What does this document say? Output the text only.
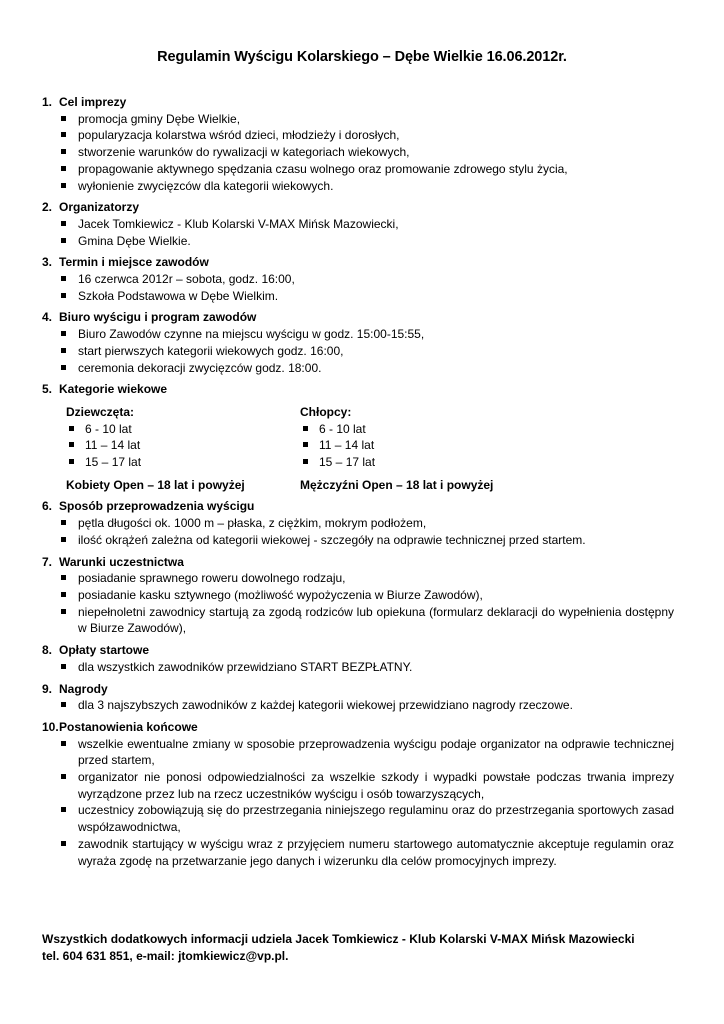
Regulamin Wyścigu Kolarskiego – Dębe Wielkie 16.06.2012r.
1. Cel imprezy
promocja gminy Dębe Wielkie,
popularyzacja kolarstwa wśród dzieci, młodzieży i dorosłych,
stworzenie warunków do rywalizacji w kategoriach wiekowych,
propagowanie aktywnego spędzania czasu wolnego oraz promowanie zdrowego stylu życia,
wyłonienie zwycięzców dla kategorii wiekowych.
2. Organizatorzy
Jacek Tomkiewicz - Klub Kolarski V-MAX Mińsk Mazowiecki,
Gmina Dębe Wielkie.
3. Termin i miejsce zawodów
16 czerwca 2012r – sobota, godz. 16:00,
Szkoła Podstawowa w Dębe Wielkim.
4. Biuro wyścigu i program zawodów
Biuro Zawodów czynne na miejscu wyścigu w godz. 15:00-15:55,
start pierwszych kategorii wiekowych godz. 16:00,
ceremonia dekoracji zwycięzców godz. 18:00.
5. Kategorie wiekowe
Dziewczęta:
6 - 10 lat
11 – 14 lat
15 – 17 lat
Chłopcy:
6 - 10 lat
11 – 14 lat
15 – 17 lat
Kobiety Open – 18 lat i powyżej	Mężczyźni Open – 18 lat i powyżej
6. Sposób przeprowadzenia wyścigu
pętla długości ok. 1000 m – płaska, z ciężkim, mokrym podłożem,
ilość okrążeń zależna od kategorii wiekowej - szczegóły na odprawie technicznej przed startem.
7. Warunki uczestnictwa
posiadanie sprawnego roweru dowolnego rodzaju,
posiadanie kasku sztywnego (możliwość wypożyczenia w Biurze Zawodów),
niepełnoletni zawodnicy startują za zgodą rodziców lub opiekuna (formularz deklaracji do wypełnienia dostępny w Biurze Zawodów),
8. Opłaty startowe
dla wszystkich zawodników przewidziano START BEZPŁATNY.
9. Nagrody
dla 3 najszybszych zawodników z każdej kategorii wiekowej przewidziano nagrody rzeczowe.
10. Postanowienia końcowe
wszelkie ewentualne zmiany w sposobie przeprowadzenia wyścigu podaje organizator na odprawie technicznej przed startem,
organizator nie ponosi odpowiedzialności za wszelkie szkody i wypadki powstałe podczas trwania imprezy wyrządzone przez lub na rzecz uczestników wyścigu i osób towarzyszących,
uczestnicy zobowiązują się do przestrzegania niniejszego regulaminu oraz do przestrzegania sportowych zasad współzawodnictwa,
zawodnik startujący w wyścigu wraz z przyjęciem numeru startowego automatycznie akceptuje regulamin oraz wyraża zgodę na przetwarzanie jego danych i wizerunku dla celów promocyjnych imprezy.
Wszystkich dodatkowych informacji udziela Jacek Tomkiewicz - Klub Kolarski V-MAX Mińsk Mazowiecki
tel. 604 631 851, e-mail: jtomkiewicz@vp.pl.
